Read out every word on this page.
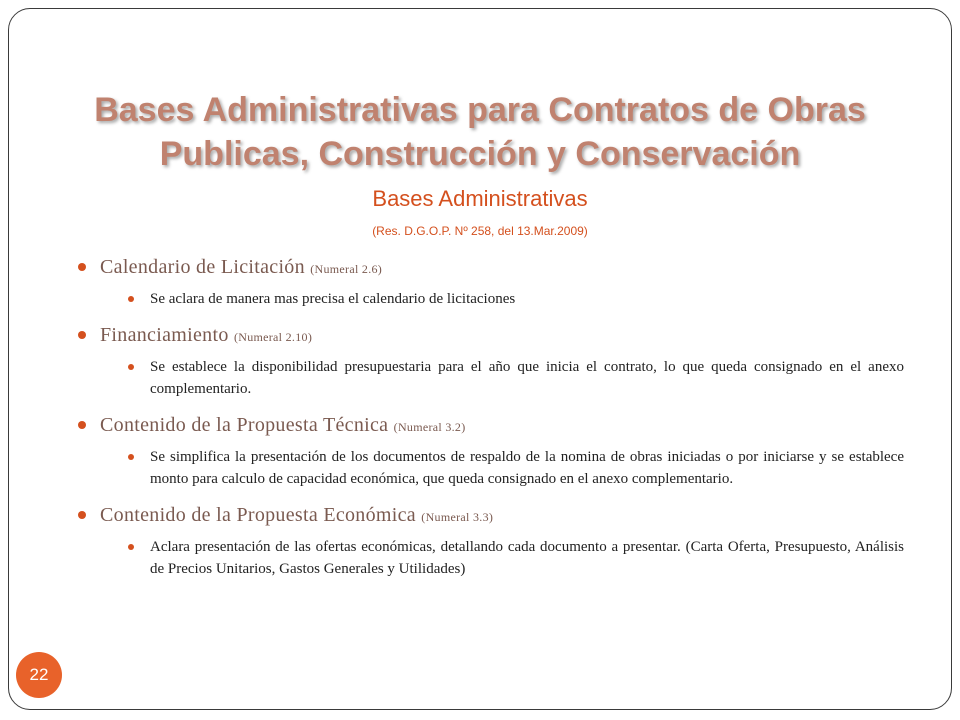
Bases Administrativas para Contratos de Obras
Publicas, Construcción y Conservación
Bases Administrativas
(Res. D.G.O.P. Nº 258, del 13.Mar.2009)
Calendario de Licitación (Numeral 2.6)
Se aclara de manera mas precisa el calendario de licitaciones
Financiamiento (Numeral 2.10)
Se establece la disponibilidad presupuestaria para el año que inicia el contrato, lo que queda consignado en el anexo complementario.
Contenido de la Propuesta Técnica (Numeral 3.2)
Se simplifica la presentación de los documentos de respaldo de la nomina de obras iniciadas o por iniciarse y se establece monto para calculo de capacidad económica, que queda consignado en el anexo complementario.
Contenido de la Propuesta Económica (Numeral 3.3)
Aclara presentación de las ofertas económicas, detallando cada documento a presentar. (Carta Oferta, Presupuesto, Análisis de Precios Unitarios, Gastos Generales y Utilidades)
22
